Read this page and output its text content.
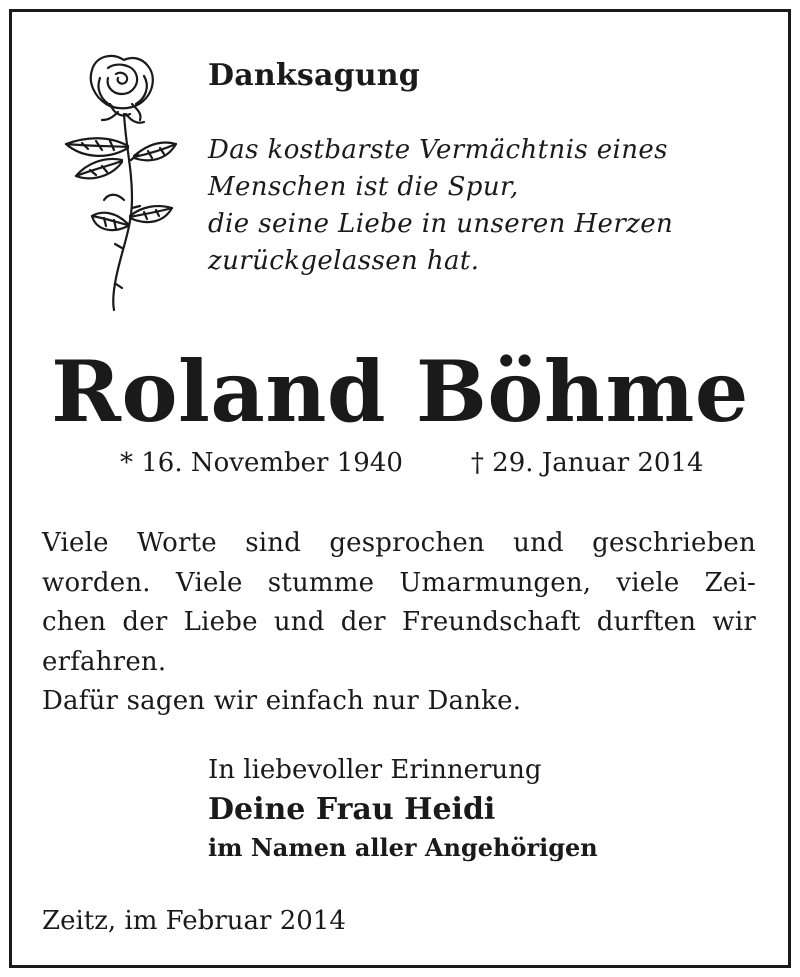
Danksagung
Das kostbarste Vermächtnis eines
Menschen ist die Spur,
die seine Liebe in unseren Herzen
zurückgelassen hat.
Roland Böhme
* 16. November 1940	† 29. Januar 2014
Viele Worte sind gesprochen und geschrieben
worden. Viele stumme Umarmungen, viele Zei-
chen der Liebe und der Freundschaft durften wir
erfahren.
Dafür sagen wir einfach nur Danke.
In liebevoller Erinnerung
Deine Frau Heidi
im Namen aller Angehörigen
Zeitz, im Februar 2014
